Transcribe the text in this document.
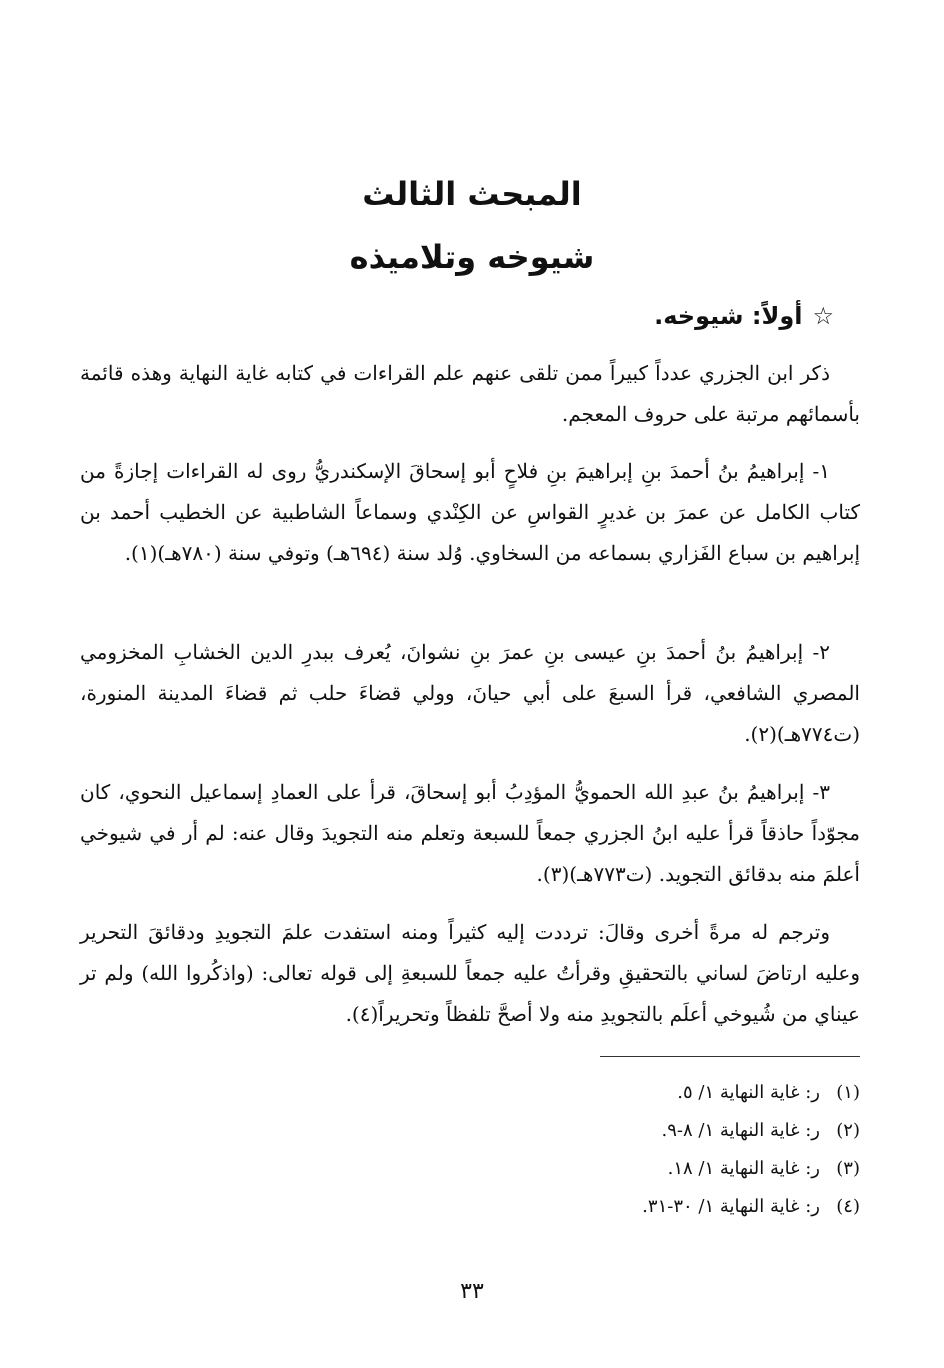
المبحث الثالث
شيوخه وتلاميذه
☆أولاً: شيوخه.
ذكر ابن الجزري عدداً كبيراً ممن تلقى عنهم علم القراءات في كتابه غاية النهاية وهذه قائمة بأسمائهم مرتبة على حروف المعجم.
١- إبراهيمُ بنُ أحمدَ بنِ إبراهيمَ بنِ فلاحٍ أبو إسحاقَ الإسكندريُّ روى له القراءات إجازةً من كتاب الكامل عن عمرَ بن غديرٍ القواسِ عن الكِنْدي وسماعاً الشاطبية عن الخطيب أحمد بن إبراهيم بن سباع الفَزاري بسماعه من السخاوي. وُلد سنة (٦٩٤هـ) وتوفي سنة (٧٨٠هـ)(١).
٢- إبراهيمُ بنُ أحمدَ بنِ عيسى بنِ عمرَ بنِ نشوانَ، يُعرف ببدرِ الدين الخشابِ المخزومي المصري الشافعي، قرأ السبعَ على أبي حيانَ، وولي قضاءَ حلب ثم قضاءَ المدينة المنورة، (ت٧٧٤هـ)(٢).
٣- إبراهيمُ بنُ عبدِ الله الحمويُّ المؤدِبُ أبو إسحاقَ، قرأ على العمادِ إسماعيل النحوي، كان مجوّداً حاذقاً قرأ عليه ابنُ الجزري جمعاً للسبعة وتعلم منه التجويدَ وقال عنه: لم أر في شيوخي أعلمَ منه بدقائق التجويد. (ت٧٧٣هـ)(٣).
وترجم له مرةً أخرى وقالَ: ترددت إليه كثيراً ومنه استفدت علمَ التجويدِ ودقائقَ التحرير وعليه ارتاضَ لساني بالتحقيقِ وقرأتُ عليه جمعاً للسبعةِ إلى قوله تعالى: (واذكُروا الله) ولم تر عيناي من شُيوخي أعلَم بالتجويدِ منه ولا أصحَّ تلفظاً وتحريراً(٤).
(١)ر: غاية النهاية ١/ ٥.
(٢)ر: غاية النهاية ١/ ٨-٩.
(٣)ر: غاية النهاية ١/ ١٨.
(٤)ر: غاية النهاية ١/ ٣٠-٣١.
٣٣
